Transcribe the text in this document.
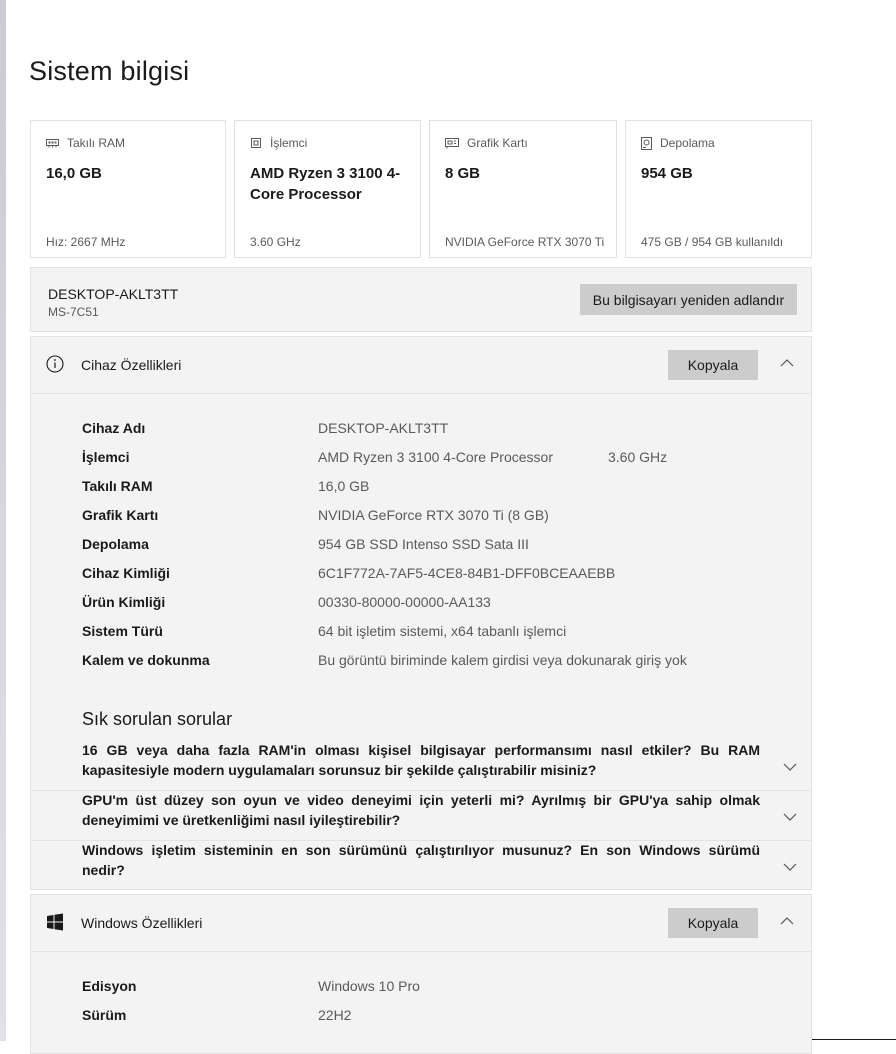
Sistem bilgisi
Takılı RAM
16,0 GB
Hız: 2667 MHz
İşlemci
AMD Ryzen 3 3100 4-Core Processor
3.60 GHz
Grafik Kartı
8 GB
NVIDIA GeForce RTX 3070 Ti
Depolama
954 GB
475 GB / 954 GB kullanıldı
DESKTOP-AKLT3TT
MS-7C51
Bu bilgisayarı yeniden adlandır
Cihaz Özellikleri	Kopyala
Cihaz Adı	DESKTOP-AKLT3TT
İşlemci	AMD Ryzen 3 3100 4-Core Processor	3.60 GHz
Takılı RAM	16,0 GB
Grafik Kartı	NVIDIA GeForce RTX 3070 Ti (8 GB)
Depolama	954 GB SSD Intenso SSD Sata III
Cihaz Kimliği	6C1F772A-7AF5-4CE8-84B1-DFF0BCEAAEBB
Ürün Kimliği	00330-80000-00000-AA133
Sistem Türü	64 bit işletim sistemi, x64 tabanlı işlemci
Kalem ve dokunma	Bu görüntü biriminde kalem girdisi veya dokunarak giriş yok
Sık sorulan sorular
16 GB veya daha fazla RAM'in olması kişisel bilgisayar performansımı nasıl etkiler? Bu RAM kapasitesiyle modern uygulamaları sorunsuz bir şekilde çalıştırabilir misiniz?
GPU'm üst düzey son oyun ve video deneyimi için yeterli mi? Ayrılmış bir GPU'ya sahip olmak deneyimimi ve üretkenliğimi nasıl iyileştirebilir?
Windows işletim sisteminin en son sürümünü çalıştırılıyor musunuz? En son Windows sürümü nedir?
Windows Özellikleri	Kopyala
Edisyon	Windows 10 Pro
Sürüm	22H2
